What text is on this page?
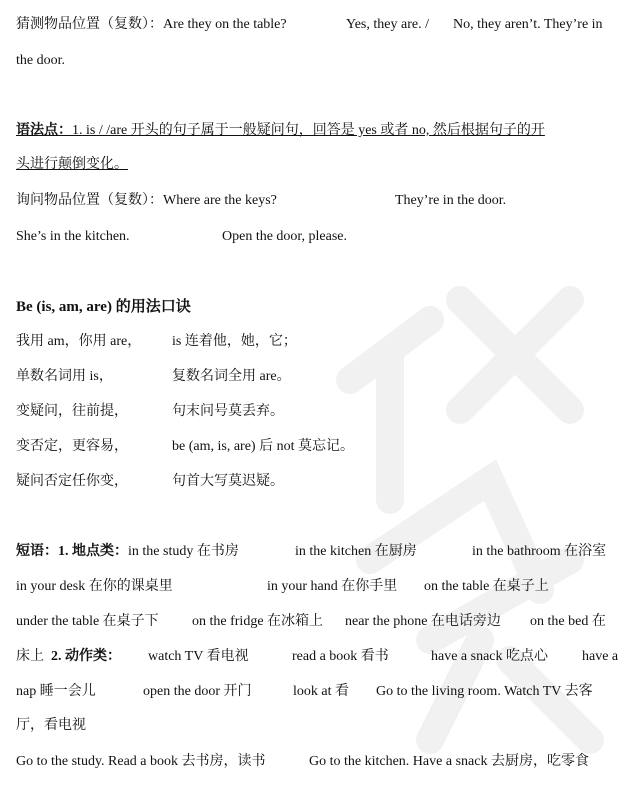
猜测物品位置（复数）：Are they on the table?	Yes, they are. / No, they aren’t. They’re in
the door.
语法点：1. is / /are 开头的句子属于一般疑问句，回答是 yes 或者 no, 然后根据句子的开
头进行颠倒变化。
询问物品位置（复数）：Where are the keys?	They’re in the door.
She’s in the kitchen.	Open the door, please.
Be (is, am, are) 的用法口诀
我用 am，你用 are， is 连着他，她，它；
单数名词用 is，	复数名词全用 are。
变疑问，往前提，	句末问号莫丢弃。
变否定，更容易，	be (am, is, are) 后 not 莫忘记。
疑问否定任你变，	句首大写莫迟疑。
短语：1. 地点类：in the study 在书房	in the kitchen 在厨房	in the bathroom 在浴室
in your desk 在你的课桌里	in your hand 在你手里 on the table 在桌子上
under the table 在桌子下 on the fridge 在冰箱上 near the phone 在电话旁边 on the bed 在
床上 2. 动作类： watch TV 看电视	read a book 看书	have a snack 吃点心 have a
nap 睡一会儿	open the door 开门	look at 看 Go to the living room. Watch TV 去客
厅，看电视
Go to the study. Read a book 去书房，读书	Go to the kitchen. Have a snack 去厨房，吃零食
